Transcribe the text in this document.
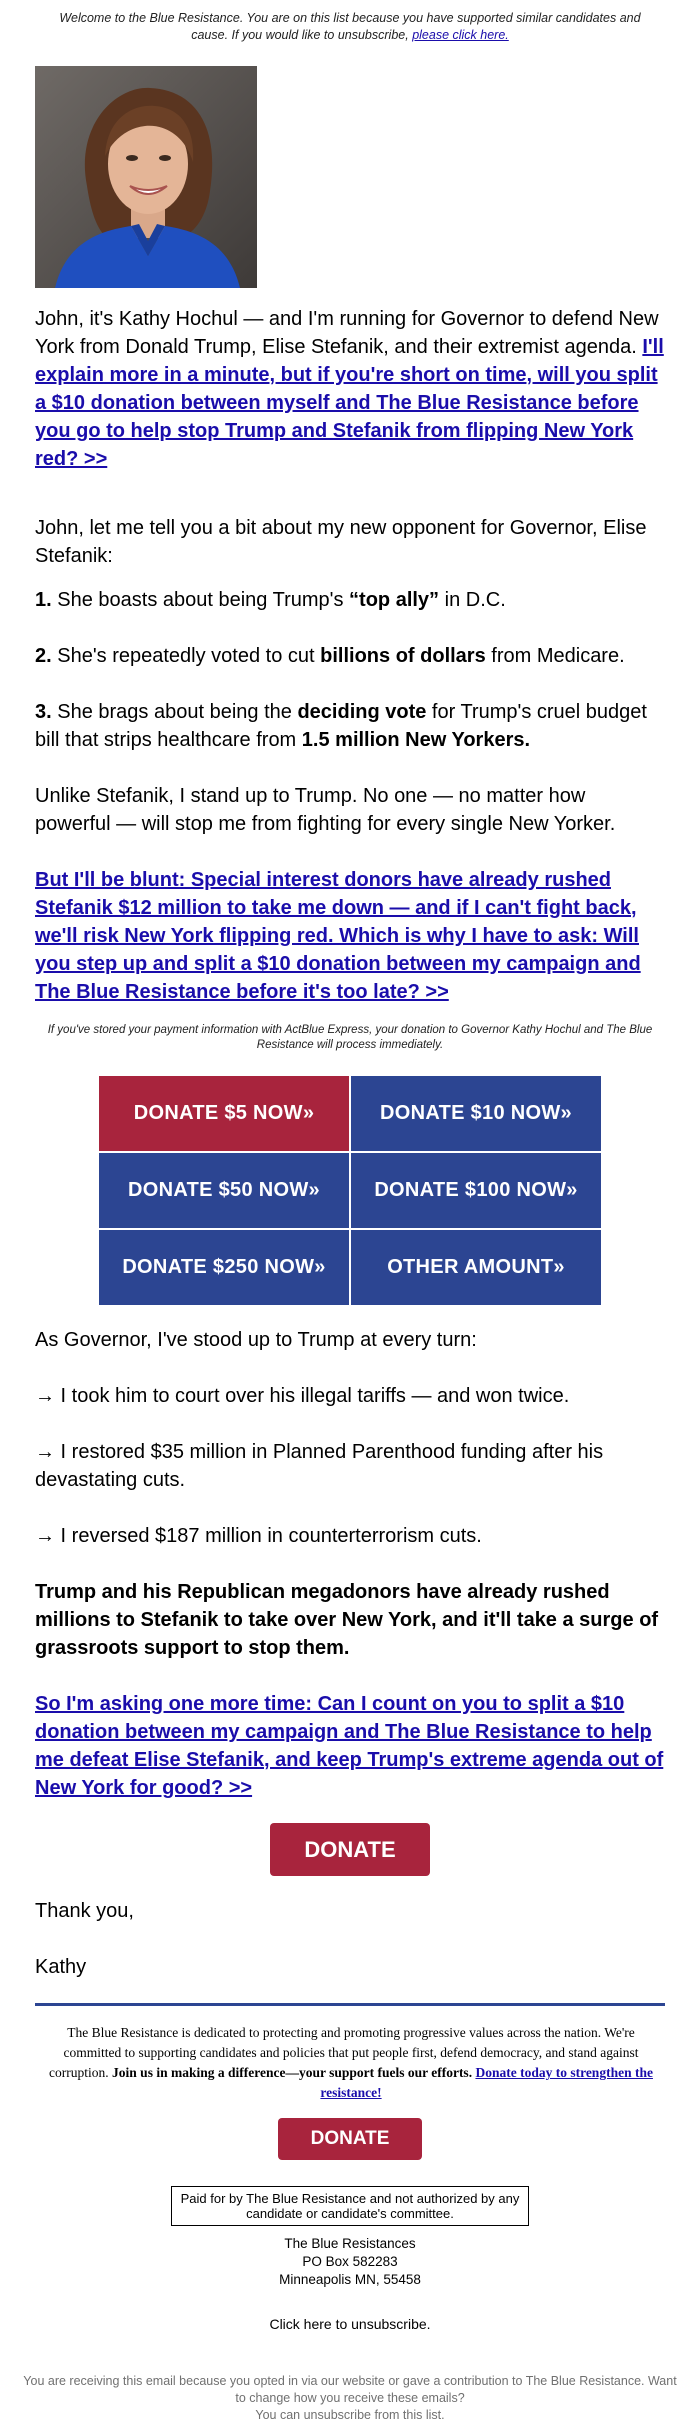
Welcome to the Blue Resistance. You are on this list because you have supported similar candidates and cause. If you would like to unsubscribe, please click here.
John, it's Kathy Hochul — and I'm running for Governor to defend New York from Donald Trump, Elise Stefanik, and their extremist agenda. I'll explain more in a minute, but if you're short on time, will you split a $10 donation between myself and The Blue Resistance before you go to help stop Trump and Stefanik from flipping New York red? >>
John, let me tell you a bit about my new opponent for Governor, Elise Stefanik:
1. She boasts about being Trump's “top ally” in D.C.
2. She's repeatedly voted to cut billions of dollars from Medicare.
3. She brags about being the deciding vote for Trump's cruel budget bill that strips healthcare from 1.5 million New Yorkers.
Unlike Stefanik, I stand up to Trump. No one — no matter how powerful — will stop me from fighting for every single New Yorker.
But I'll be blunt: Special interest donors have already rushed Stefanik $12 million to take me down — and if I can't fight back, we'll risk New York flipping red. Which is why I have to ask: Will you step up and split a $10 donation between my campaign and The Blue Resistance before it's too late? >>
If you've stored your payment information with ActBlue Express, your donation to Governor Kathy Hochul and The Blue Resistance will process immediately.
DONATE $5 NOW»	DONATE $10 NOW»
DONATE $50 NOW»	DONATE $100 NOW»
DONATE $250 NOW»	OTHER AMOUNT»
As Governor, I've stood up to Trump at every turn:
→ I took him to court over his illegal tariffs — and won twice.
→ I restored $35 million in Planned Parenthood funding after his devastating cuts.
→ I reversed $187 million in counterterrorism cuts.
Trump and his Republican megadonors have already rushed millions to Stefanik to take over New York, and it'll take a surge of grassroots support to stop them.
So I'm asking one more time: Can I count on you to split a $10 donation between my campaign and The Blue Resistance to help me defeat Elise Stefanik, and keep Trump's extreme agenda out of New York for good? >>
DONATE
Thank you,
Kathy
The Blue Resistance is dedicated to protecting and promoting progressive values across the nation. We're committed to supporting candidates and policies that put people first, defend democracy, and stand against corruption. Join us in making a difference—your support fuels our efforts. Donate today to strengthen the resistance!
DONATE
Paid for by The Blue Resistance and not authorized by any candidate or candidate's committee.
The Blue Resistances
PO Box 582283
Minneapolis MN, 55458
Click here to unsubscribe.
You are receiving this email because you opted in via our website or gave a contribution to The Blue Resistance. Want to change how you receive these emails?
You can unsubscribe from this list.
